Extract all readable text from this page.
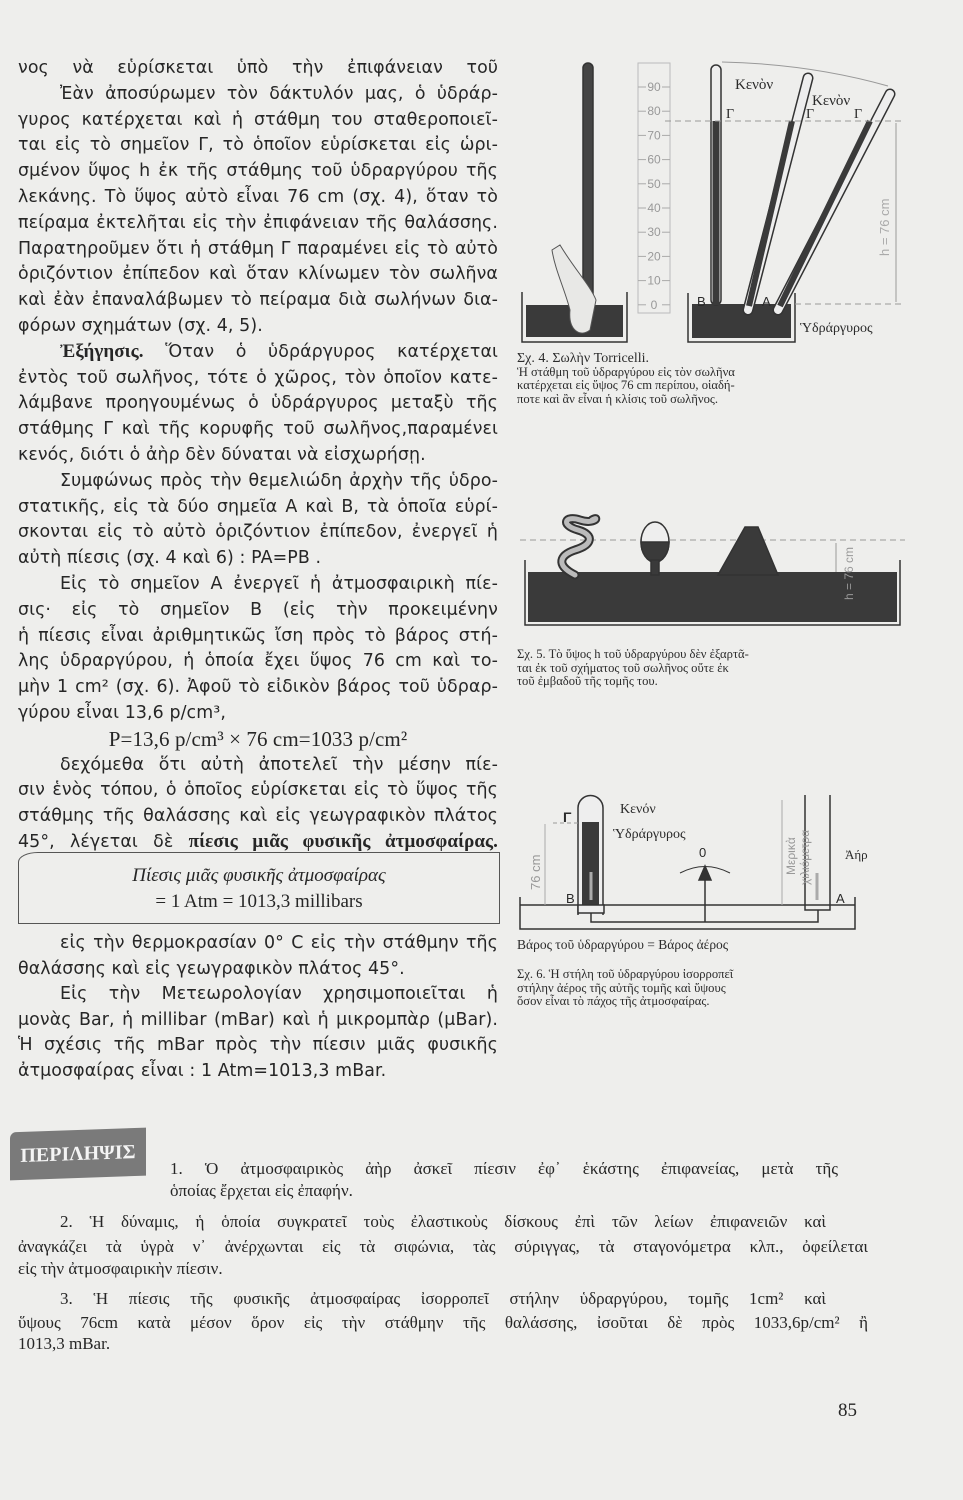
νος νὰ εὑρίσκεται ὑπὸ τὴν ἐπιφάνειαν τοῦ
Ἐὰν ἀποσύρωμεν τὸν δάκτυλόν μας, ὁ ὑδράρ-
γυρος κατέρχεται καὶ ἡ στάθμη του σταθεροποιεῖ-
ται εἰς τὸ σημεῖον Γ, τὸ ὁποῖον εὑρίσκεται εἰς ὡρι-
σμένον ὕψος h ἐκ τῆς στάθμης τοῦ ὑδραργύρου τῆς
λεκάνης. Τὸ ὕψος αὐτὸ εἶναι 76 cm (σχ. 4), ὅταν τὸ
πείραμα ἐκτελῆται εἰς τὴν ἐπιφάνειαν τῆς θαλάσσης.
Παρατηροῦμεν ὅτι ἡ στάθμη Γ παραμένει εἰς τὸ αὐτὸ
ὁριζόντιον ἐπίπεδον καὶ ὅταν κλίνωμεν τὸν σωλῆνα
καὶ ἐὰν ἐπαναλάβωμεν τὸ πείραμα διὰ σωλήνων δια-
φόρων σχημάτων (σχ. 4, 5).
Ἐξήγησις. Ὅταν ὁ ὑδράργυρος κατέρχεται
ἐντὸς τοῦ σωλῆνος, τότε ὁ χῶρος, τὸν ὁποῖον κατε-
λάμβανε προηγουμένως ὁ ὑδράργυρος μεταξὺ τῆς
στάθμης Γ καὶ τῆς κορυφῆς τοῦ σωλῆνος,παραμένει
κενός, διότι ὁ ἀὴρ δὲν δύναται νὰ εἰσχωρήσῃ.
Συμφώνως πρὸς τὴν θεμελιώδη ἀρχὴν τῆς ὑδρο-
στατικῆς, εἰς τὰ δύο σημεῖα Α καὶ Β, τὰ ὁποῖα εὑρί-
σκονται εἰς τὸ αὐτὸ ὁριζόντιον ἐπίπεδον, ἐνεργεῖ ἡ
αὐτὴ πίεσις (σχ. 4 καὶ 6) : PA=PB .
Εἰς τὸ σημεῖον Α ἐνεργεῖ ἡ ἀτμοσφαιρικὴ πίε-
σις· εἰς τὸ σημεῖον Β (εἰς τὴν προκειμένην
ἡ πίεσις εἶναι ἀριθμητικῶς ἴση πρὸς τὸ βάρος στή-
λης ὑδραργύρου, ἡ ὁποία ἔχει ὕψος 76 cm καὶ το-
μὴν 1 cm² (σχ. 6). Ἀφοῦ τὸ εἰδικὸν βάρος τοῦ ὑδραρ-
γύρου εἶναι 13,6 p/cm³,
P=13,6 p/cm³ × 76 cm=1033 p/cm²
δεχόμεθα ὅτι αὐτὴ ἀποτελεῖ τὴν μέσην πίε-
σιν ἑνὸς τόπου, ὁ ὁποῖος εὑρίσκεται εἰς τὸ ὕψος τῆς
στάθμης τῆς θαλάσσης καὶ εἰς γεωγραφικὸν πλάτος
45°, λέγεται δὲ πίεσις μιᾶς φυσικῆς ἀτμοσφαίρας.
Πίεσις μιᾶς φυσικῆς ἀτμοσφαίρας
= 1 Atm = 1013,3 millibars
εἰς τὴν θερμοκρασίαν 0° C εἰς τὴν στάθμην τῆς
θαλάσσης καὶ εἰς γεωγραφικὸν πλάτος 45°.
Εἰς τὴν Μετεωρολογίαν χρησιμοποιεῖται ἡ
μονὰς Bar, ἡ millibar (mBar) καὶ ἡ μικρομπὰρ (μBar).
Ἡ σχέσις τῆς mBar πρὸς τὴν πίεσιν μιᾶς φυσικῆς
ἀτμοσφαίρας εἶναι : 1 Atm=1013,3 mBar.
90
80
70
60
50
40
30
20
10
0
Κενὸν
Κενὸν
Γ	Γ	Γ
B	A
Ὑδράργυρος
h = 76 cm
h = 76 cm
Γ	Κενόν
Ὑδράργυρος
0
76 cm	Μερικὰ χιλιόμετρα	Ἀήρ
B	A
Σχ. 4. Σωλὴν Torricelli.
Ἡ στάθμη τοῦ ὑδραργύρου εἰς τὸν σωλῆνα
κατέρχεται εἰς ὕψος 76 cm περίπου, οἱαδή-
ποτε καὶ ἂν εἶναι ἡ κλίσις τοῦ σωλῆνος.
Σχ. 5. Τὸ ὕψος h τοῦ ὑδραργύρου δὲν ἐξαρτᾶ-
ται ἐκ τοῦ σχήματος τοῦ σωλῆνος οὔτε ἐκ
τοῦ ἐμβαδοῦ τῆς τομῆς του.
Βάρος τοῦ ὑδραργύρου = Βάρος ἀέρος
Σχ. 6. Ἡ στήλη τοῦ ὑδραργύρου ἰσορροπεῖ
στήλην ἀέρος τῆς αὐτῆς τομῆς καὶ ὕψους
ὅσον εἶναι τὸ πάχος τῆς ἀτμοσφαίρας.
ΠΕΡΙΛΗΨΙΣ
1. Ὁ ἀτμοσφαιρικὸς ἀὴρ ἀσκεῖ πίεσιν ἐφ᾽ ἑκάστης ἐπιφανείας, μετὰ τῆς
ὁποίας ἔρχεται εἰς ἐπαφήν.
2. Ἡ δύναμις, ἡ ὁποία συγκρατεῖ τοὺς ἐλαστικοὺς δίσκους ἐπὶ τῶν λείων ἐπιφανειῶν καὶ
ἀναγκάζει τὰ ὑγρὰ ν᾽ ἀνέρχωνται εἰς τὰ σιφώνια, τὰς σύριγγας, τὰ σταγονόμετρα κλπ., ὀφείλεται
εἰς τὴν ἀτμοσφαιρικὴν πίεσιν.
3. Ἡ πίεσις τῆς φυσικῆς ἀτμοσφαίρας ἰσορροπεῖ στήλην ὑδραργύρου, τομῆς 1cm² καὶ
ὕψους 76cm κατὰ μέσον ὅρον εἰς τὴν στάθμην τῆς θαλάσσης, ἰσοῦται δὲ πρὸς 1033,6p/cm² ἢ
1013,3 mBar.
85
